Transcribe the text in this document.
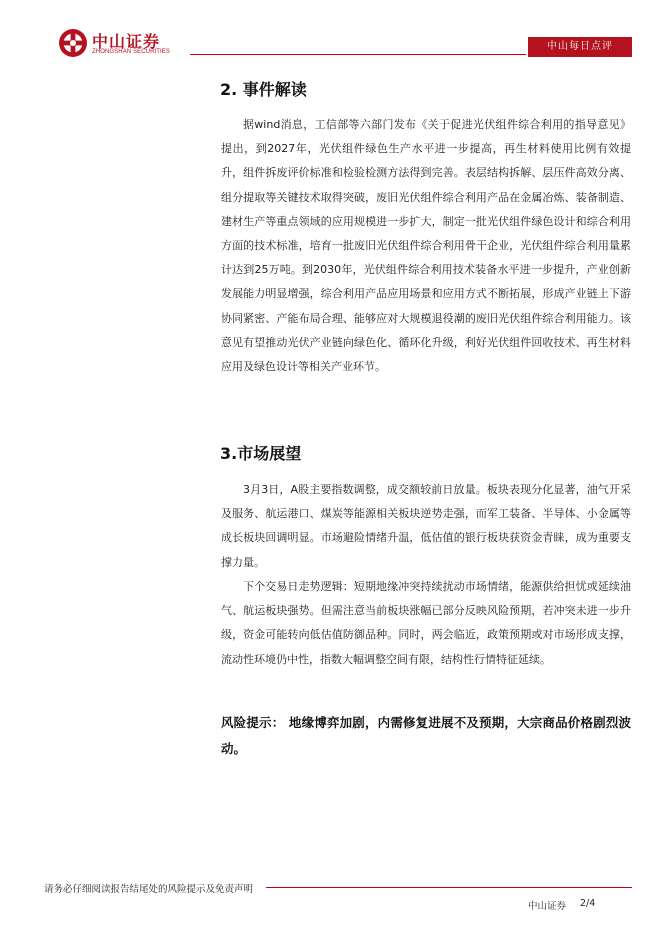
中山证券
ZHONGSHAN SECURITIES	中山每日点评
2. 事件解读

据wind消息，工信部等六部门发布《关于促进光伏组件综合利用的指导意见》提出，到2027年，光伏组件绿色生产水平进一步提高，再生材料使用比例有效提升，组件拆废评价标准和检验检测方法得到完善。表层结构拆解、层压件高效分离、组分提取等关键技术取得突破，废旧光伏组件综合利用产品在金属冶炼、装备制造、建材生产等重点领域的应用规模进一步扩大，制定一批光伏组件绿色设计和综合利用方面的技术标准，培育一批废旧光伏组件综合利用骨干企业，光伏组件综合利用量累计达到25万吨。到2030年，光伏组件综合利用技术装备水平进一步提升，产业创新发展能力明显增强，综合利用产品应用场景和应用方式不断拓展，形成产业链上下游协同紧密、产能布局合理、能够应对大规模退役潮的废旧光伏组件综合利用能力。该意见有望推动光伏产业链向绿色化、循环化升级，利好光伏组件回收技术、再生材料应用及绿色设计等相关产业环节。

3.市场展望

3月3日，A股主要指数调整，成交额较前日放量。板块表现分化显著，油气开采及服务、航运港口、煤炭等能源相关板块逆势走强，而军工装备、半导体、小金属等成长板块回调明显。市场避险情绪升温，低估值的银行板块获资金青睐，成为重要支撑力量。

下个交易日走势逻辑：短期地缘冲突持续扰动市场情绪，能源供给担忧或延续油气、航运板块强势。但需注意当前板块涨幅已部分反映风险预期，若冲突未进一步升级，资金可能转向低估值防御品种。同时，两会临近，政策预期或对市场形成支撑，流动性环境仍中性，指数大幅调整空间有限，结构性行情特征延续。

风险提示： 地缘博弈加剧，内需修复进展不及预期，大宗商品价格剧烈波动。

请务必仔细阅读报告结尾处的风险提示及免责声明
中山证券 2/4
